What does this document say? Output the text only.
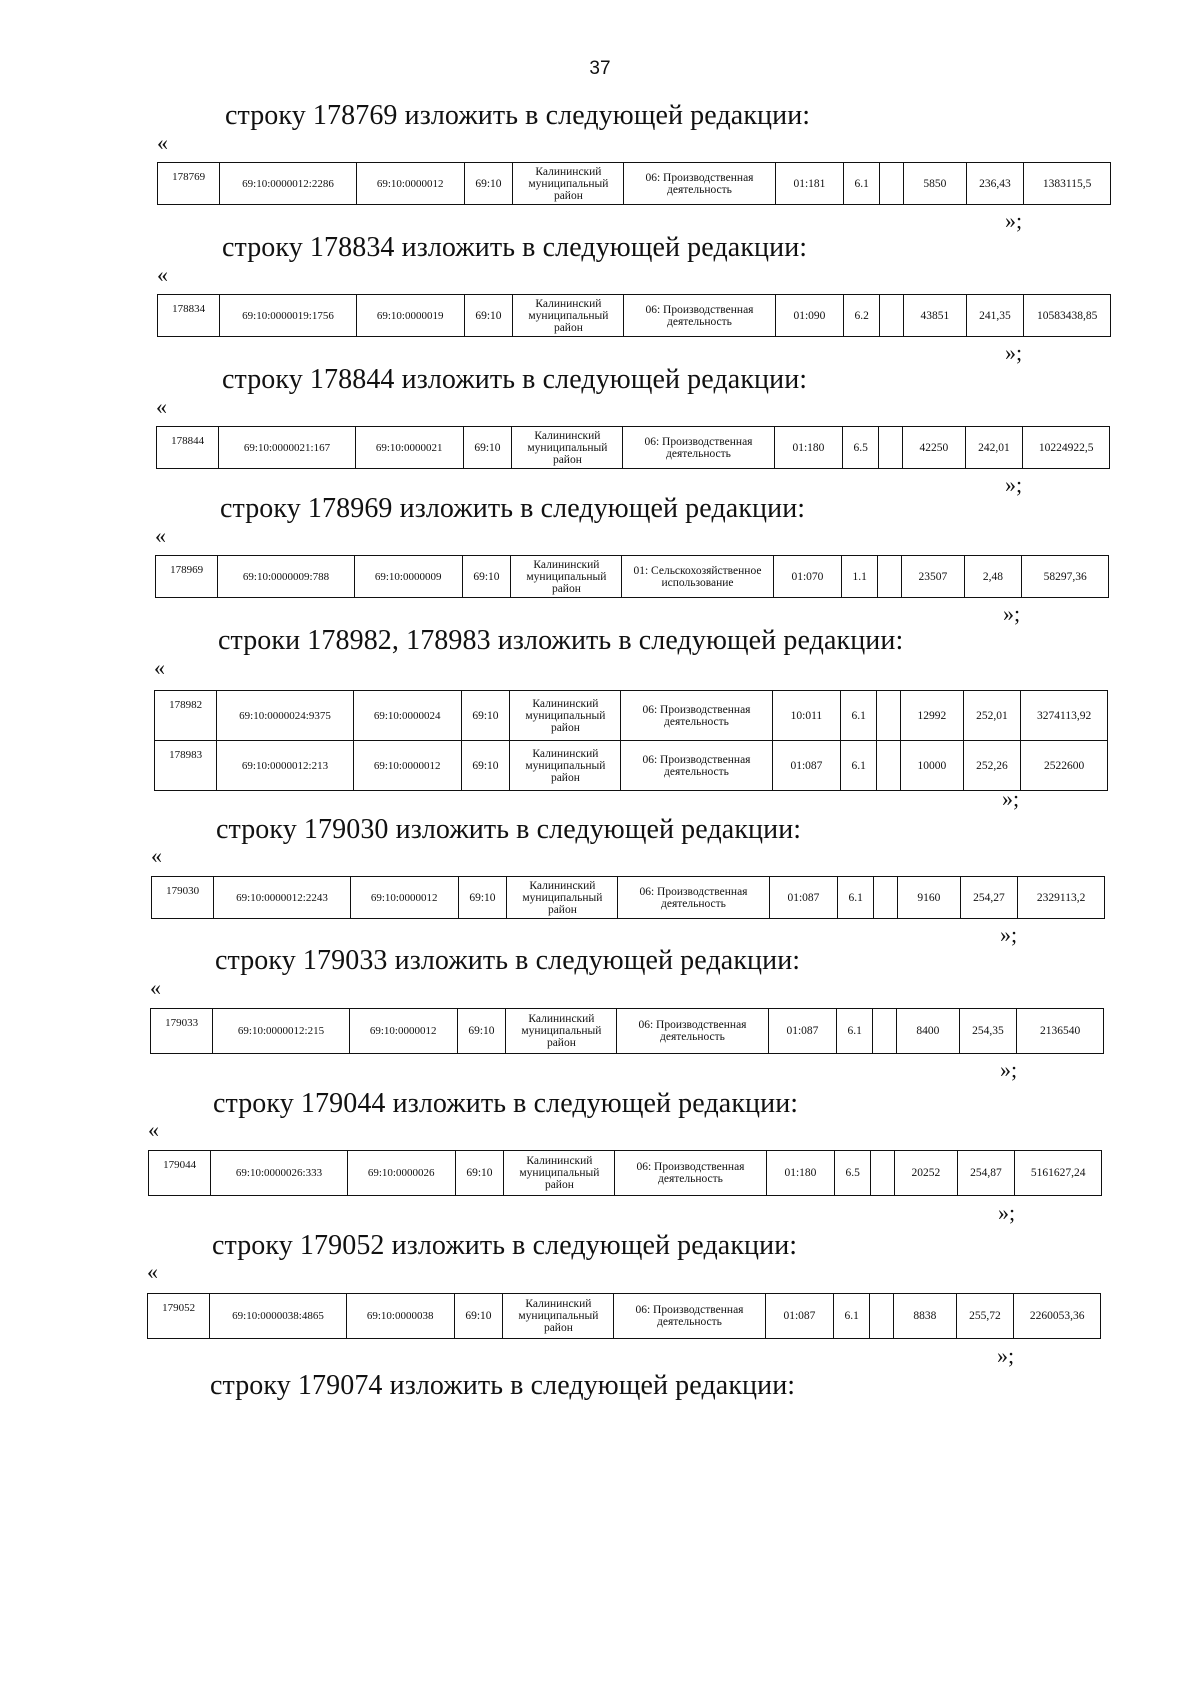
37
строку 178769 изложить в следующей редакции:
«
178769	69:10:0000012:2286	69:10:0000012	69:10	Калининский муниципальный район	06: Производственная деятельность	01:181	6.1		5850	236,43	1383115,5
»;
строку 178834 изложить в следующей редакции:
«
178834	69:10:0000019:1756	69:10:0000019	69:10	Калининский муниципальный район	06: Производственная деятельность	01:090	6.2		43851	241,35	10583438,85
»;
строку 178844 изложить в следующей редакции:
«
178844	69:10:0000021:167	69:10:0000021	69:10	Калининский муниципальный район	06: Производственная деятельность	01:180	6.5		42250	242,01	10224922,5
»;
строку 178969 изложить в следующей редакции:
«
178969	69:10:0000009:788	69:10:0000009	69:10	Калининский муниципальный район	01: Сельскохозяйственное использование	01:070	1.1		23507	2,48	58297,36
»;
строки 178982, 178983 изложить в следующей редакции:
«
178982	69:10:0000024:9375	69:10:0000024	69:10	Калининский муниципальный район	06: Производственная деятельность	10:011	6.1		12992	252,01	3274113,92
178983	69:10:0000012:213	69:10:0000012	69:10	Калининский муниципальный район	06: Производственная деятельность	01:087	6.1		10000	252,26	2522600
»;
строку 179030 изложить в следующей редакции:
«
179030	69:10:0000012:2243	69:10:0000012	69:10	Калининский муниципальный район	06: Производственная деятельность	01:087	6.1		9160	254,27	2329113,2
»;
строку 179033 изложить в следующей редакции:
«
179033	69:10:0000012:215	69:10:0000012	69:10	Калининский муниципальный район	06: Производственная деятельность	01:087	6.1		8400	254,35	2136540
»;
строку 179044 изложить в следующей редакции:
«
179044	69:10:0000026:333	69:10:0000026	69:10	Калининский муниципальный район	06: Производственная деятельность	01:180	6.5		20252	254,87	5161627,24
»;
строку 179052 изложить в следующей редакции:
«
179052	69:10:0000038:4865	69:10:0000038	69:10	Калининский муниципальный район	06: Производственная деятельность	01:087	6.1		8838	255,72	2260053,36
»;
строку 179074 изложить в следующей редакции:
